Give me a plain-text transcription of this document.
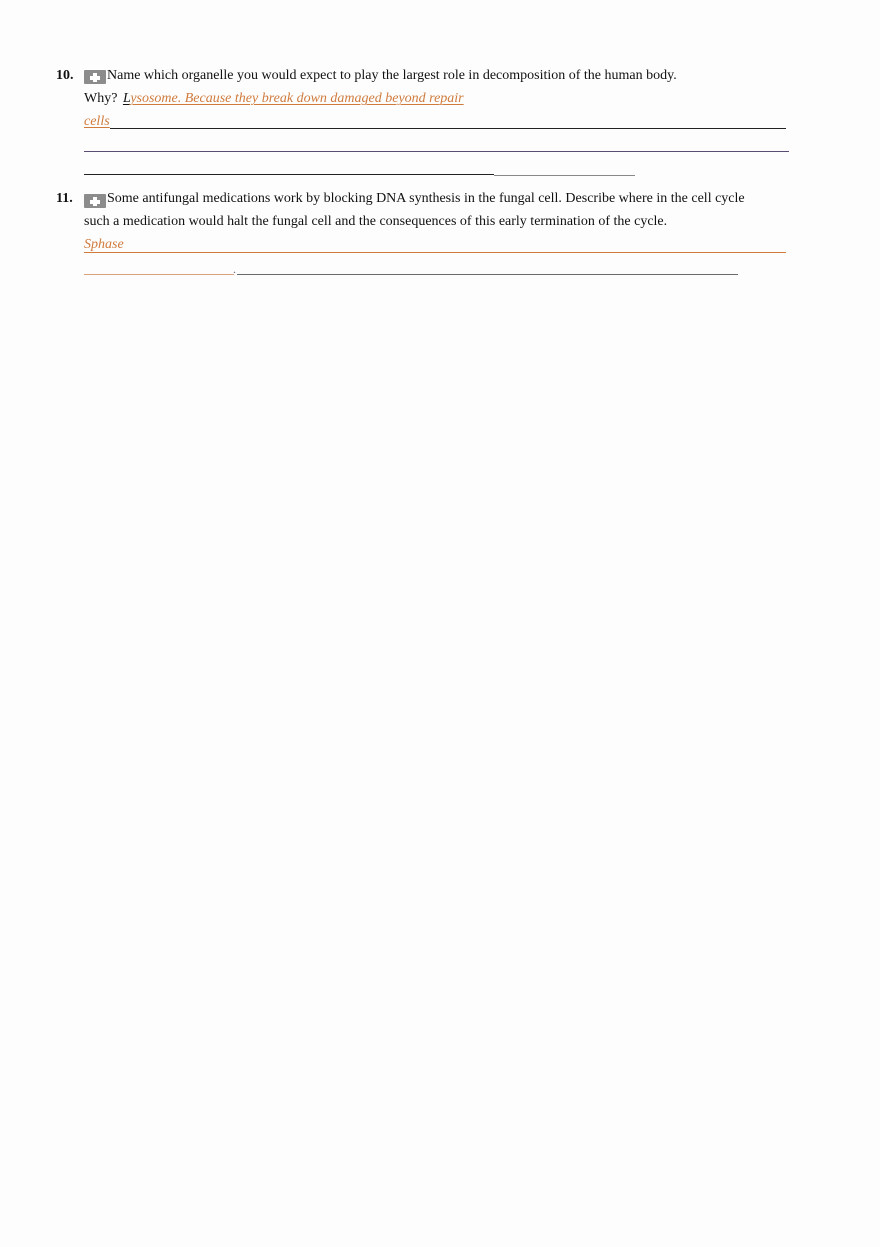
10. Name which organelle you would expect to play the largest role in decomposition of the human body.
Why? Lysosome. Because they break down damaged beyond repair
cells
11. Some antifungal medications work by blocking DNA synthesis in the fungal cell. Describe where in the cell cycle
such a medication would halt the fungal cell and the consequences of this early termination of the cycle.
Sphase
.
